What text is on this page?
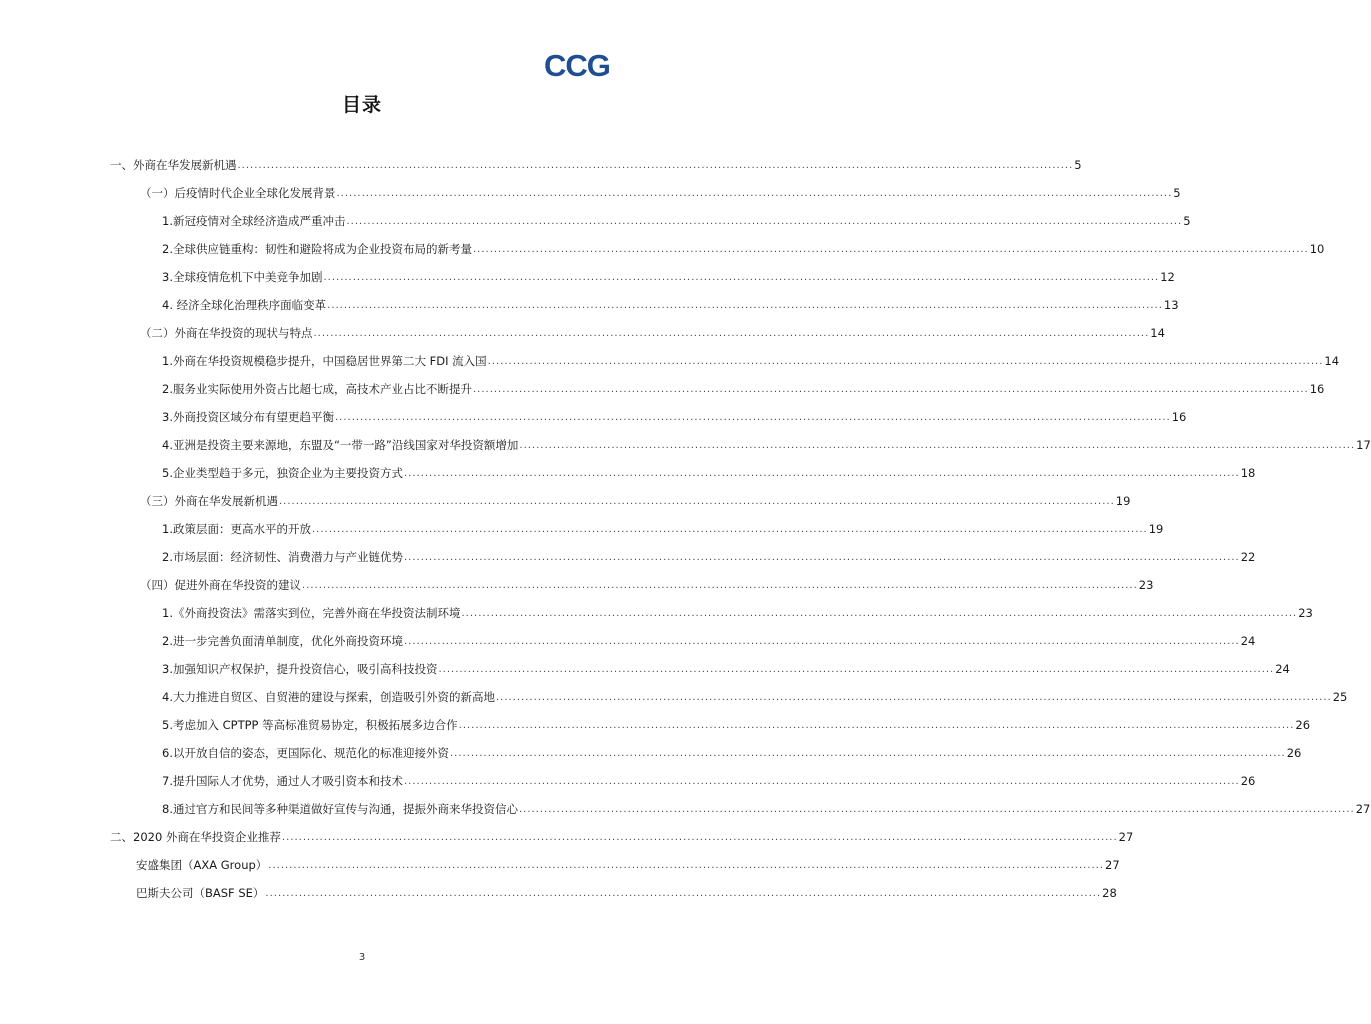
CCG
目录
一、外商在华发展新机遇 ........................................................................................................................................................................................................ 5
（一）后疫情时代企业全球化发展背景 ........................................................................................................................................................................................................ 5
1.新冠疫情对全球经济造成严重冲击 ........................................................................................................................................................................................................ 5
2.全球供应链重构：韧性和避险将成为企业投资布局的新考量 ........................................................................................................................................................................................................ 10
3.全球疫情危机下中美竞争加剧 ........................................................................................................................................................................................................ 12
4. 经济全球化治理秩序面临变革 ........................................................................................................................................................................................................ 13
（二）外商在华投资的现状与特点 ........................................................................................................................................................................................................ 14
1.外商在华投资规模稳步提升，中国稳居世界第二大 FDI 流入国 ........................................................................................................................................................................................................ 14
2.服务业实际使用外资占比超七成，高技术产业占比不断提升 ........................................................................................................................................................................................................ 16
3.外商投资区域分布有望更趋平衡 ........................................................................................................................................................................................................ 16
4.亚洲是投资主要来源地，东盟及“一带一路”沿线国家对华投资额增加 ........................................................................................................................................................................................................ 17
5.企业类型趋于多元，独资企业为主要投资方式 ........................................................................................................................................................................................................ 18
（三）外商在华发展新机遇 ........................................................................................................................................................................................................ 19
1.政策层面：更高水平的开放 ........................................................................................................................................................................................................ 19
2.市场层面：经济韧性、消费潜力与产业链优势 ........................................................................................................................................................................................................ 22
（四）促进外商在华投资的建议 ........................................................................................................................................................................................................ 23
1.《外商投资法》需落实到位，完善外商在华投资法制环境 ........................................................................................................................................................................................................ 23
2.进一步完善负面清单制度，优化外商投资环境 ........................................................................................................................................................................................................ 24
3.加强知识产权保护，提升投资信心，吸引高科技投资 ........................................................................................................................................................................................................ 24
4.大力推进自贸区、自贸港的建设与探索，创造吸引外资的新高地 ........................................................................................................................................................................................................ 25
5.考虑加入 CPTPP 等高标准贸易协定，积极拓展多边合作 ........................................................................................................................................................................................................ 26
6.以开放自信的姿态，更国际化、规范化的标准迎接外资 ........................................................................................................................................................................................................ 26
7.提升国际人才优势，通过人才吸引资本和技术 ........................................................................................................................................................................................................ 26
8.通过官方和民间等多种渠道做好宣传与沟通，提振外商来华投资信心 ........................................................................................................................................................................................................ 27
二、2020 外商在华投资企业推荐 ........................................................................................................................................................................................................ 27
安盛集团（AXA Group） ........................................................................................................................................................................................................ 27
巴斯夫公司（BASF SE） ........................................................................................................................................................................................................ 28
3
